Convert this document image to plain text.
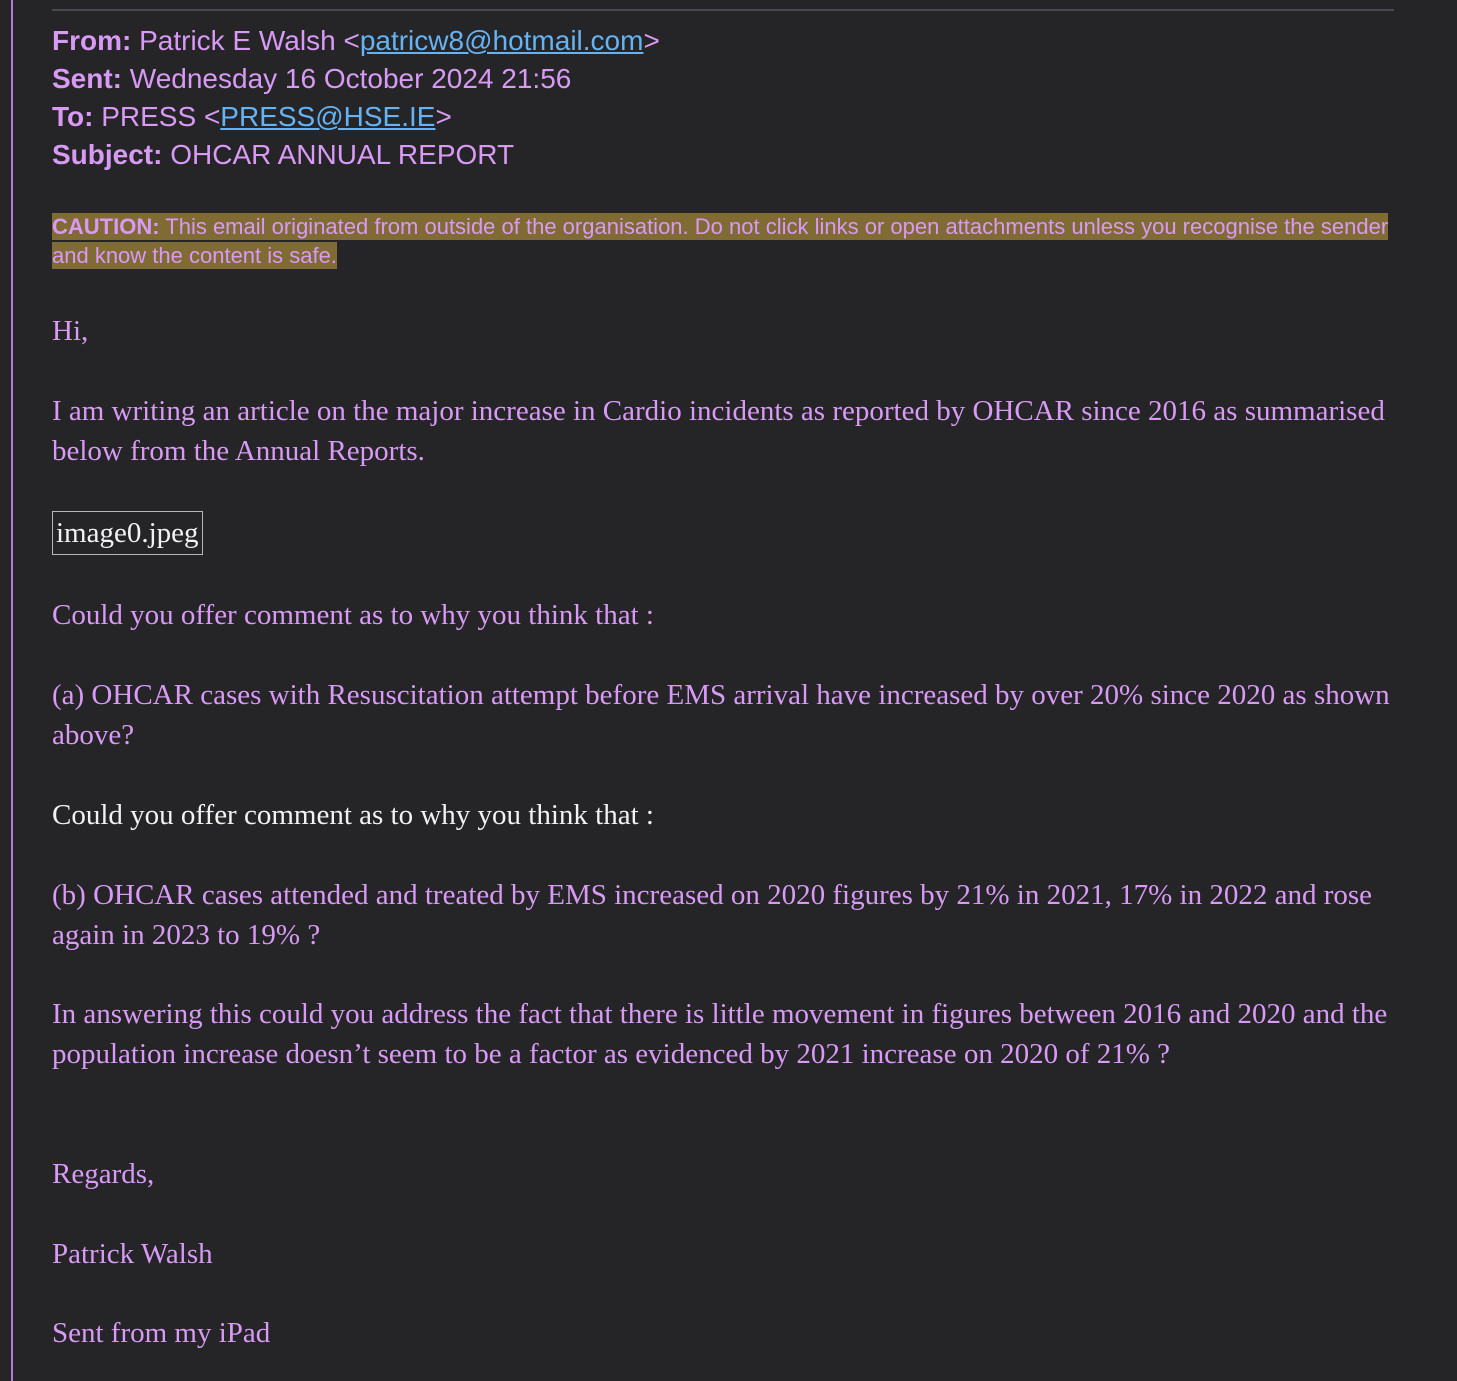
From: Patrick E Walsh <patricw8@hotmail.com>
Sent: Wednesday 16 October 2024 21:56
To: PRESS <PRESS@HSE.IE>
Subject: OHCAR ANNUAL REPORT
CAUTION: This email originated from outside of the organisation. Do not click links or open attachments unless you recognise the sender and know the content is safe.

Hi,

I am writing an article on the major increase in Cardio incidents as reported by OHCAR since 2016 as summarised below from the Annual Reports.

image0.jpeg

Could you offer comment as to why you think that :

(a) OHCAR cases with Resuscitation attempt before EMS arrival have increased by over 20% since 2020 as shown above?

Could you offer comment as to why you think that :

(b) OHCAR cases attended and treated by EMS increased on 2020 figures by 21% in 2021, 17% in 2022 and rose again in 2023 to 19% ?

In answering this could you address the fact that there is little movement in figures between 2016 and 2020 and the population increase doesn’t seem to be a factor as evidenced by 2021 increase on 2020 of 21% ?

Regards,

Patrick Walsh

Sent from my iPad
